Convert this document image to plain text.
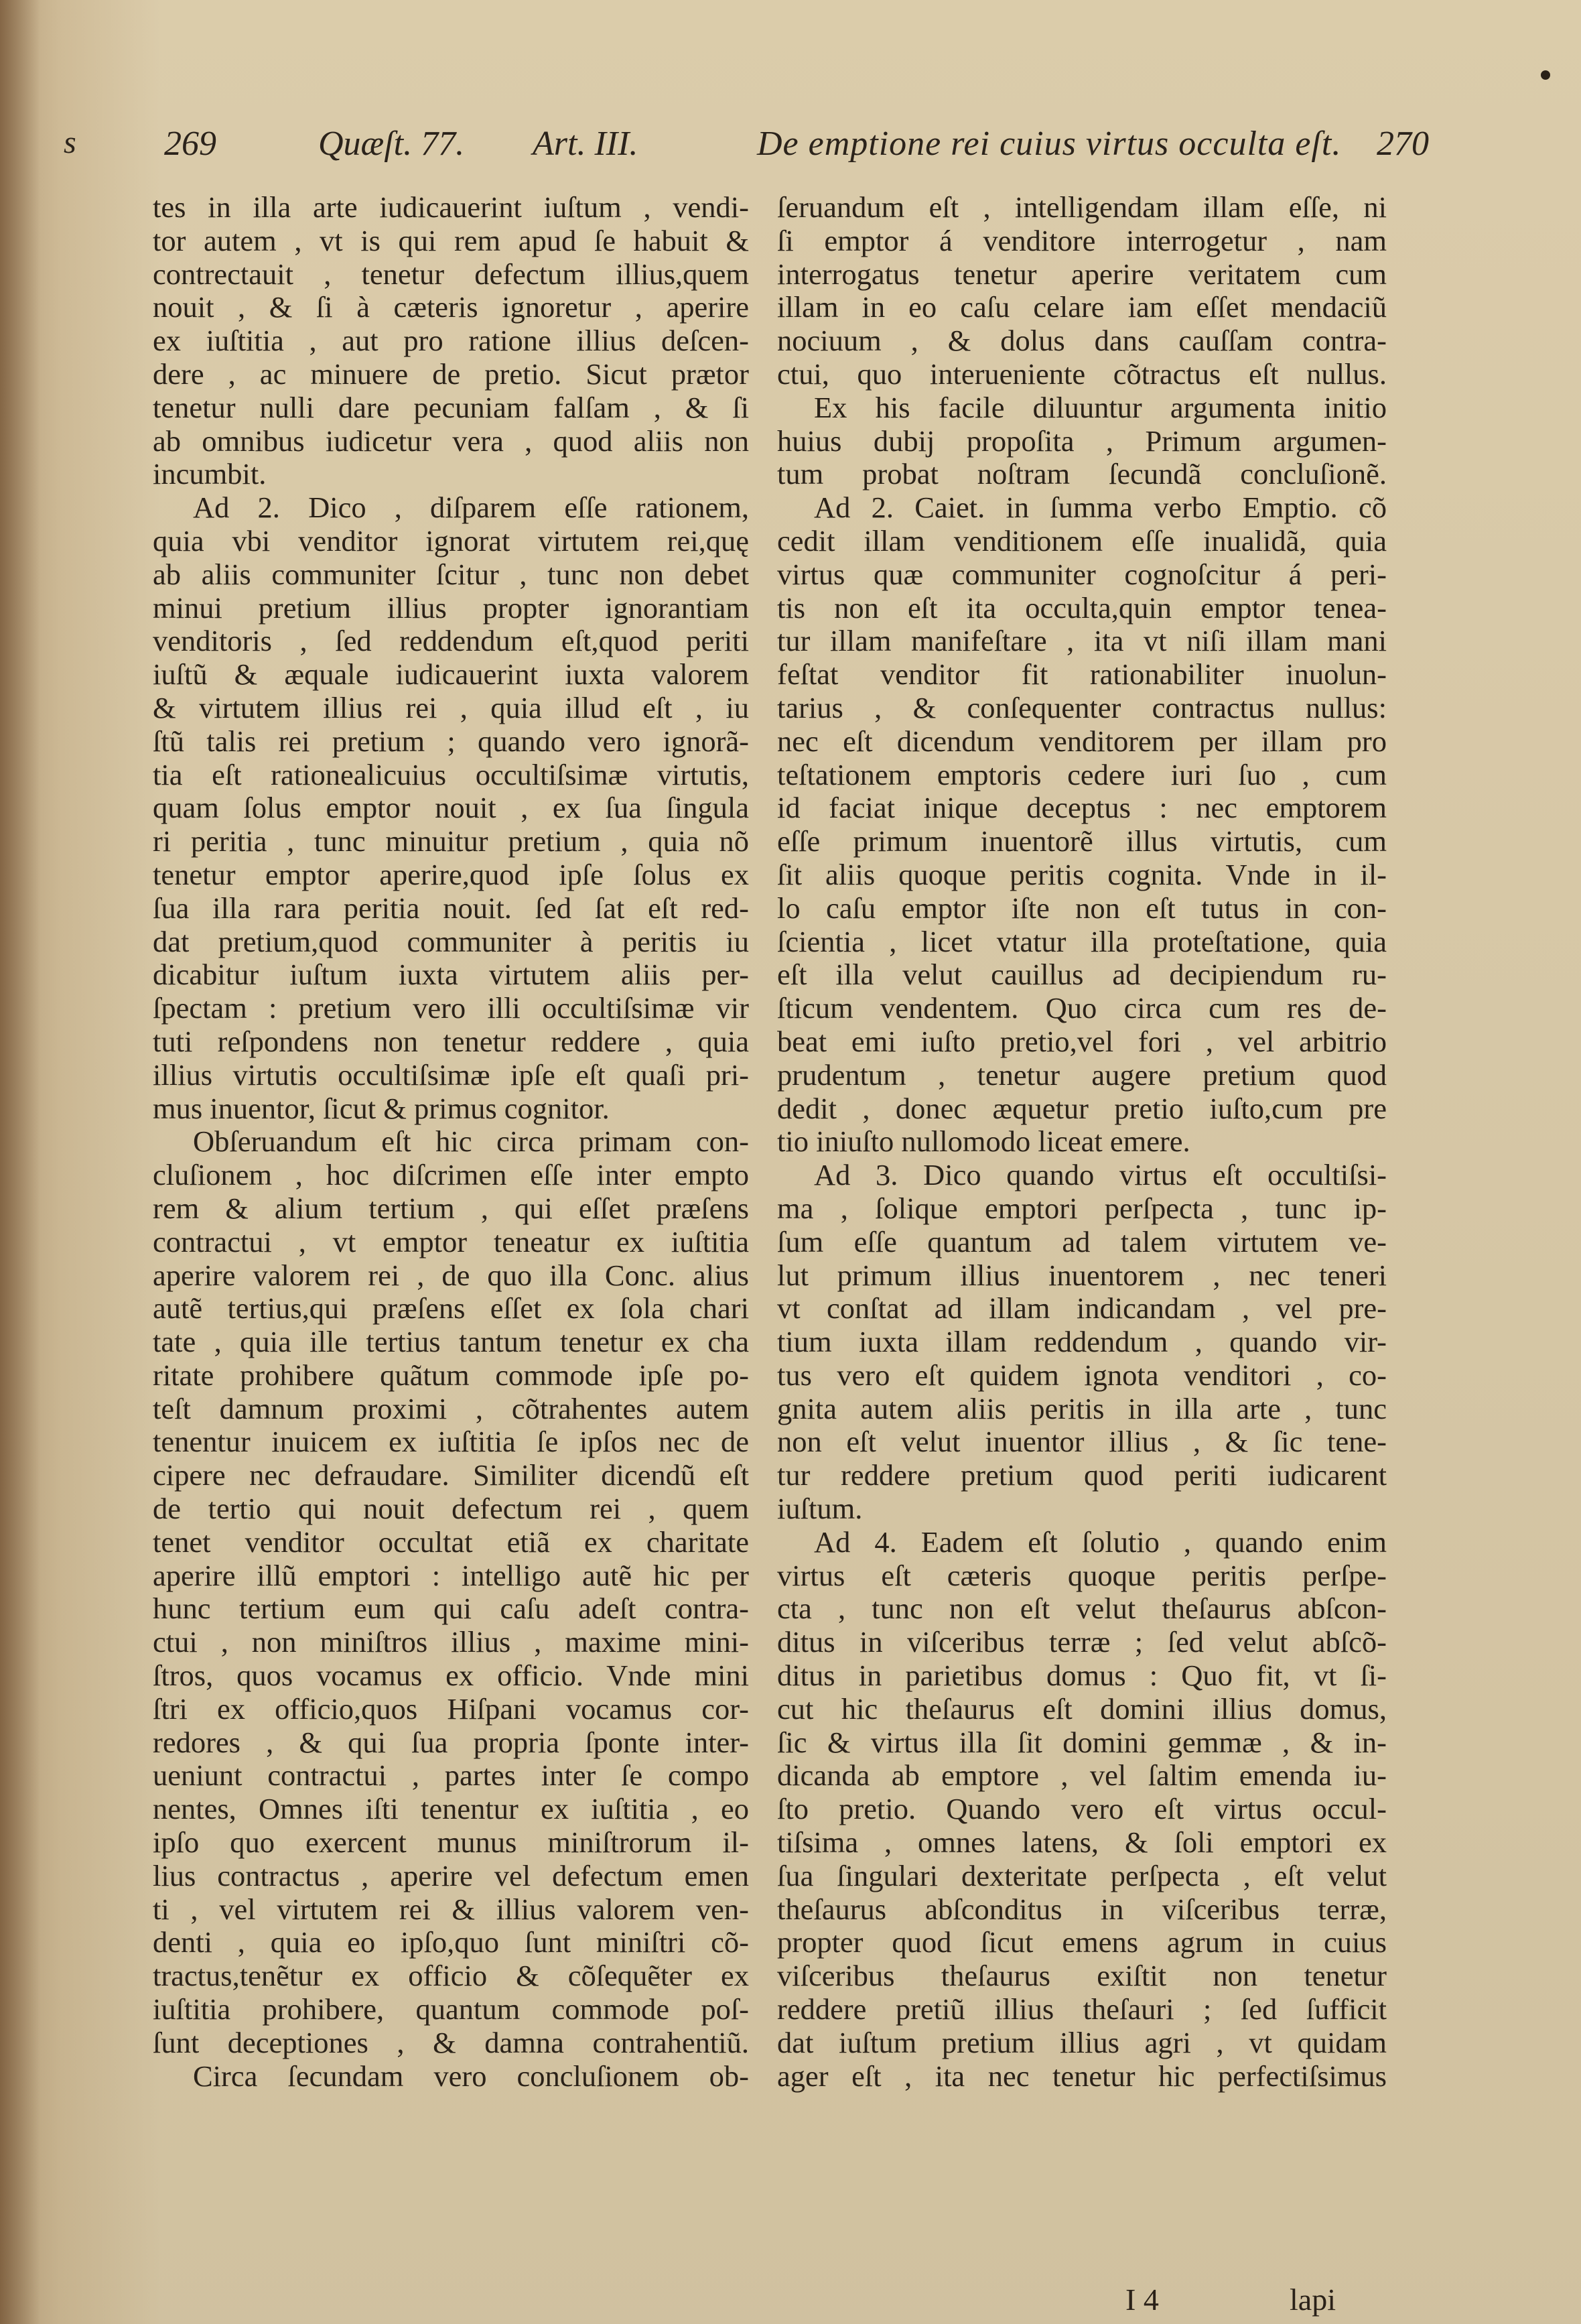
s	269	Quæſt. 77. Art. III.	De emptione rei cuius virtus occulta eſt. 270
tes in illa arte iudicauerint iuſtum , vendi-
tor autem , vt is qui rem apud ſe habuit &
contrectauit , tenetur defectum illius,quem
nouit , & ſi à cæteris ignoretur , aperire
ex iuſtitia , aut pro ratione illius deſcen-
dere , ac minuere de pretio. Sicut prætor
tenetur nulli dare pecuniam falſam , & ſi
ab omnibus iudicetur vera , quod aliis non
incumbit.
Ad 2. Dico , diſparem eſſe rationem,
quia vbi venditor ignorat virtutem rei,quę
ab aliis communiter ſcitur , tunc non debet
minui pretium illius propter ignorantiam
venditoris , ſed reddendum eſt,quod periti
iuſtũ & æquale iudicauerint iuxta valorem
& virtutem illius rei , quia illud eſt , iu
ſtũ talis rei pretium ; quando vero ignorã-
tia eſt rationealicuius occultiſsimæ virtutis,
quam ſolus emptor nouit , ex ſua ſingula
ri peritia , tunc minuitur pretium , quia nõ
tenetur emptor aperire,quod ipſe ſolus ex
ſua illa rara peritia nouit. ſed ſat eſt red-
dat pretium,quod communiter à peritis iu
dicabitur iuſtum iuxta virtutem aliis per-
ſpectam : pretium vero illi occultiſsimæ vir
tuti reſpondens non tenetur reddere , quia
illius virtutis occultiſsimæ ipſe eſt quaſi pri-
mus inuentor, ſicut & primus cognitor.
Obſeruandum eſt hic circa primam con-
cluſionem , hoc diſcrimen eſſe inter empto
rem & alium tertium , qui eſſet præſens
contractui , vt emptor teneatur ex iuſtitia
aperire valorem rei , de quo illa Conc. alius
autẽ tertius,qui præſens eſſet ex ſola chari
tate , quia ille tertius tantum tenetur ex cha
ritate prohibere quãtum commode ipſe po-
teſt damnum proximi , cõtrahentes autem
tenentur inuicem ex iuſtitia ſe ipſos nec de
cipere nec defraudare. Similiter dicendũ eſt
de tertio qui nouit defectum rei , quem
tenet venditor occultat etiã ex charitate
aperire illũ emptori : intelligo autẽ hic per
hunc tertium eum qui caſu adeſt contra-
ctui , non miniſtros illius , maxime mini-
ſtros, quos vocamus ex officio. Vnde mini
ſtri ex officio,quos Hiſpani vocamus cor-
redores , & qui ſua propria ſponte inter-
ueniunt contractui , partes inter ſe compo
nentes, Omnes iſti tenentur ex iuſtitia , eo
ipſo quo exercent munus miniſtrorum il-
lius contractus , aperire vel defectum emen
ti , vel virtutem rei & illius valorem ven-
denti , quia eo ipſo,quo ſunt miniſtri cõ-
tractus,tenẽtur ex officio & cõſequẽter ex
iuſtitia prohibere, quantum commode poſ-
ſunt deceptiones , & damna contrahentiũ.
Circa ſecundam vero concluſionem ob-
ſeruandum eſt , intelligendam illam eſſe, ni
ſi emptor á venditore interrogetur , nam
interrogatus tenetur aperire veritatem cum
illam in eo caſu celare iam eſſet mendaciũ
nociuum , & dolus dans cauſſam contra-
ctui, quo interueniente cõtractus eſt nullus.
Ex his facile diluuntur argumenta initio
huius dubij propoſita , Primum argumen-
tum probat noſtram ſecundã concluſionẽ.
Ad 2. Caiet. in ſumma verbo Emptio. cõ
cedit illam venditionem eſſe inualidã, quia
virtus quæ communiter cognoſcitur á peri-
tis non eſt ita occulta,quin emptor tenea-
tur illam manifeſtare , ita vt niſi illam mani
feſtat venditor fit rationabiliter inuolun-
tarius , & conſequenter contractus nullus:
nec eſt dicendum venditorem per illam pro
teſtationem emptoris cedere iuri ſuo , cum
id faciat inique deceptus : nec emptorem
eſſe primum inuentorẽ illus virtutis, cum
ſit aliis quoque peritis cognita. Vnde in il-
lo caſu emptor iſte non eſt tutus in con-
ſcientia , licet vtatur illa proteſtatione, quia
eſt illa velut cauillus ad decipiendum ru-
ſticum vendentem. Quo circa cum res de-
beat emi iuſto pretio,vel fori , vel arbitrio
prudentum , tenetur augere pretium quod
dedit , donec æquetur pretio iuſto,cum pre
tio iniuſto nullomodo liceat emere.
Ad 3. Dico quando virtus eſt occultiſsi-
ma , ſolique emptori perſpecta , tunc ip-
ſum eſſe quantum ad talem virtutem ve-
lut primum illius inuentorem , nec teneri
vt conſtat ad illam indicandam , vel pre-
tium iuxta illam reddendum , quando vir-
tus vero eſt quidem ignota venditori , co-
gnita autem aliis peritis in illa arte , tunc
non eſt velut inuentor illius , & ſic tene-
tur reddere pretium quod periti iudicarent
iuſtum.
Ad 4. Eadem eſt ſolutio , quando enim
virtus eſt cæteris quoque peritis perſpe-
cta , tunc non eſt velut theſaurus abſcon-
ditus in viſceribus terræ ; ſed velut abſcõ-
ditus in parietibus domus : Quo fit, vt ſi-
cut hic theſaurus eſt domini illius domus,
ſic & virtus illa ſit domini gemmæ , & in-
dicanda ab emptore , vel ſaltim emenda iu-
ſto pretio. Quando vero eſt virtus occul-
tiſsima , omnes latens, & ſoli emptori ex
ſua ſingulari dexteritate perſpecta , eſt velut
theſaurus abſconditus in viſceribus terræ,
propter quod ſicut emens agrum in cuius
viſceribus theſaurus exiſtit non tenetur
reddere pretiũ illius theſauri ; ſed ſufficit
dat iuſtum pretium illius agri , vt quidam
ager eſt , ita nec tenetur hic perfectiſsimus
I 4	lapi
